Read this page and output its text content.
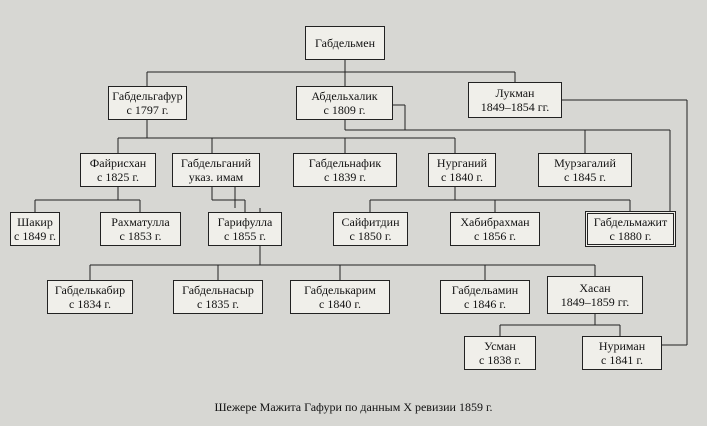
Габдельмен
Габдельгафур
с 1797 г.
Абдельхалик
с 1809 г.
Лукман
1849–1854 гг.
Файрисхан
с 1825 г.
Габдельганий
указ. имам
Габдельнафик
с 1839 г.
Нурганий
с 1840 г.
Мурзагалий
с 1845 г.
Шакир
с 1849 г.
Рахматулла
с 1853 г.
Гарифулла
с 1855 г.
Сайфитдин
с 1850 г.
Хабибрахман
с 1856 г.
Габдельмажит
с 1880 г.
Габделькабир
с 1834 г.
Габдельнасыр
с 1835 г.
Габделькарим
с 1840 г.
Габдельамин
с 1846 г.
Хасан
1849–1859 гг.
Усман
с 1838 г.
Нуриман
с 1841 г.
Шежере Мажита Гафури по данным X ревизии 1859 г.
